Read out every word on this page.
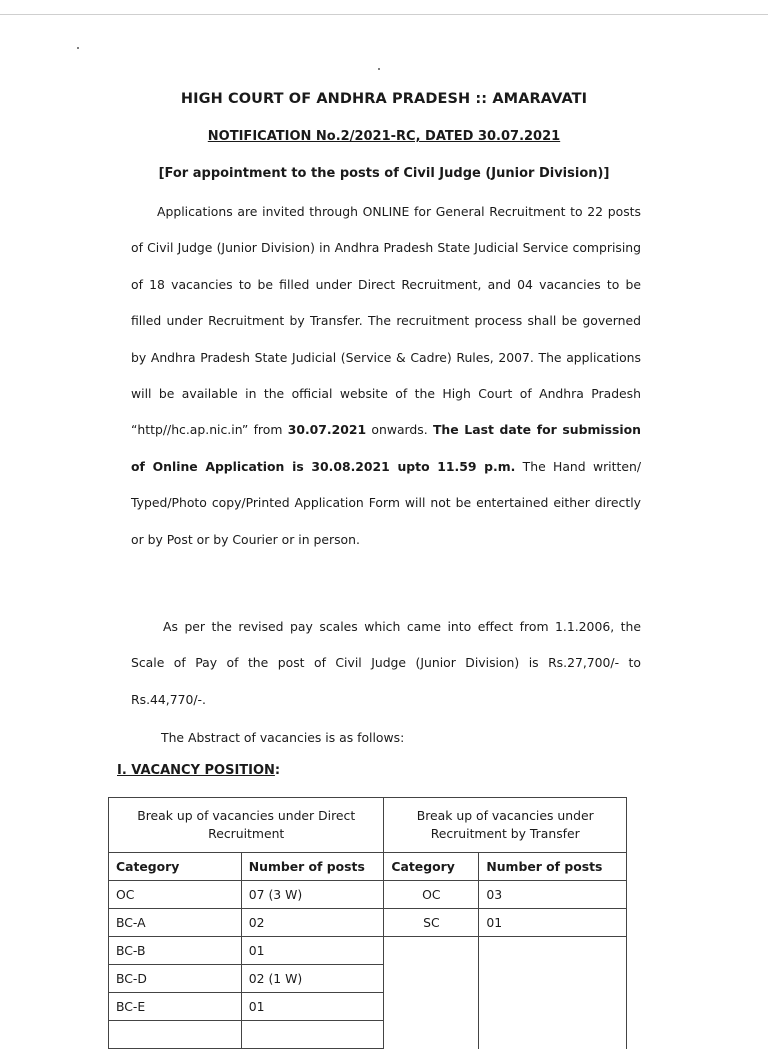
HIGH COURT OF ANDHRA PRADESH :: AMARAVATI
NOTIFICATION No.2/2021-RC, DATED 30.07.2021
[For appointment to the posts of Civil Judge (Junior Division)]

Applications are invited through ONLINE for General Recruitment to 22 posts of Civil Judge (Junior Division) in Andhra Pradesh State Judicial Service comprising of 18 vacancies to be filled under Direct Recruitment, and 04 vacancies to be filled under Recruitment by Transfer. The recruitment process shall be governed by Andhra Pradesh State Judicial (Service & Cadre) Rules, 2007. The applications will be available in the official website of the High Court of Andhra Pradesh “http//hc.ap.nic.in” from 30.07.2021 onwards. The Last date for submission of Online Application is 30.08.2021 upto 11.59 p.m. The Hand written/ Typed/Photo copy/Printed Application Form will not be entertained either directly or by Post or by Courier or in person.

As per the revised pay scales which came into effect from 1.1.2006, the Scale of Pay of the post of Civil Judge (Junior Division) is Rs.27,700/- to Rs.44,770/-.

The Abstract of vacancies is as follows:

I. VACANCY POSITION:
Break up of vacancies under Direct Recruitment		Break up of vacancies under Recruitment by Transfer	
Category	Number of posts	Category	Number of posts
OC	07 (3 W)	OC	03
BC-A	02	SC	01
BC-B	01		
BC-D	02 (1 W)		
BC-E	01		
